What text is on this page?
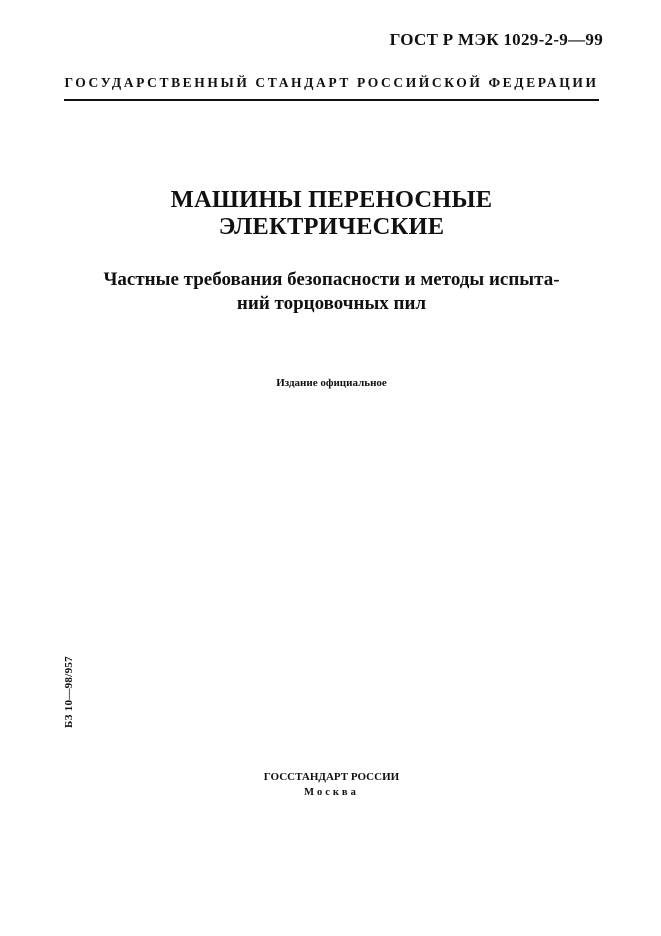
ГОСТ Р МЭК 1029-2-9—99
ГОСУДАРСТВЕННЫЙ СТАНДАРТ РОССИЙСКОЙ ФЕДЕРАЦИИ
МАШИНЫ ПЕРЕНОСНЫЕ
ЭЛЕКТРИЧЕСКИЕ
Частные требования безопасности и методы испыта-
ний торцовочных пил
Издание официальное
БЗ 10—98/957
ГОССТАНДАРТ РОССИИ
Москва
